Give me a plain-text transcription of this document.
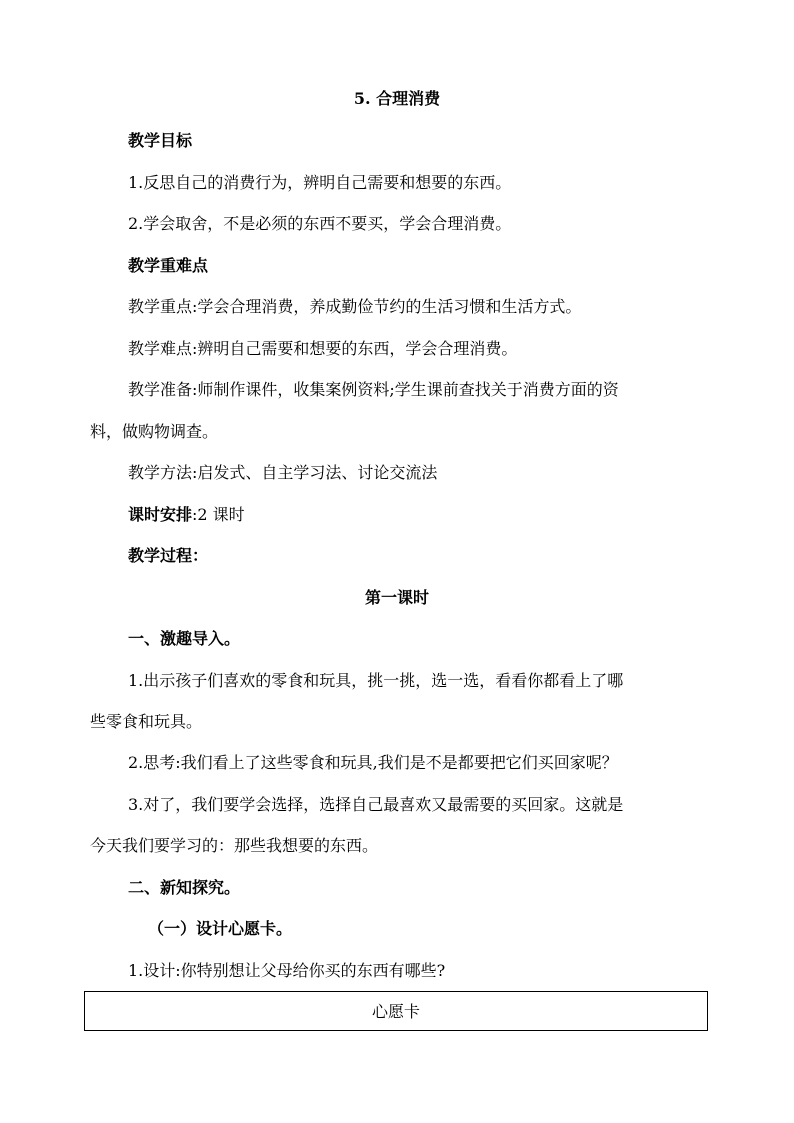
5. 合理消费
教学目标
1.反思自己的消费行为，辨明自己需要和想要的东西。
2.学会取舍，不是必须的东西不要买，学会合理消费。
教学重难点
教学重点:学会合理消费，养成勤俭节约的生活习惯和生活方式。
教学难点:辨明自己需要和想要的东西，学会合理消费。
教学准备:师制作课件，收集案例资料;学生课前查找关于消费方面的资
料，做购物调查。
教学方法:启发式、自主学习法、讨论交流法
课时安排:2 课时
教学过程：
第一课时
一、激趣导入。
1.出示孩子们喜欢的零食和玩具，挑一挑，选一选，看看你都看上了哪
些零食和玩具。
2.思考:我们看上了这些零食和玩具,我们是不是都要把它们买回家呢？
3.对了，我们要学会选择，选择自己最喜欢又最需要的买回家。这就是
今天我们要学习的：那些我想要的东西。
二、新知探究。
（一）设计心愿卡。
1.设计:你特别想让父母给你买的东西有哪些?
心愿卡
